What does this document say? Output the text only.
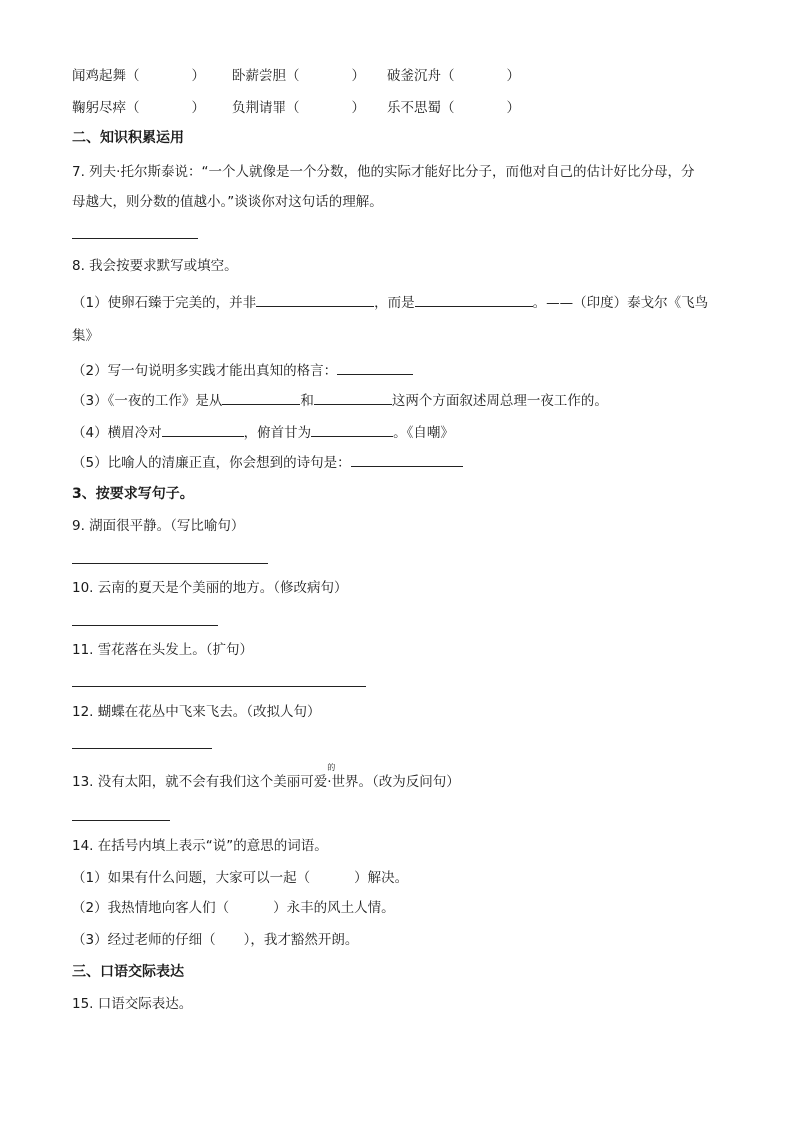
闻鸡起舞（	） 卧薪尝胆（	） 破釜沉舟（	）
鞠躬尽瘁（	） 负荆请罪（	） 乐不思蜀（	）
二、知识积累运用
7. 列夫·托尔斯泰说：“一个人就像是一个分数，他的实际才能好比分子，而他对自己的估计好比分母，分
母越大，则分数的值越小。”谈谈你对这句话的理解。
8. 我会按要求默写或填空。
（1）使卵石臻于完美的，并非	，而是	。——（印度）泰戈尔《飞鸟
集》
（2）写一句说明多实践才能出真知的格言：
（3）《一夜的工作》是从	和	这两个方面叙述周总理一夜工作的。
（4）横眉冷对	，俯首甘为	。《自嘲》
（5）比喻人的清廉正直，你会想到的诗句是：
3、按要求写句子。
9. 湖面很平静。（写比喻句）
10. 云南的夏天是个美丽的地方。（修改病句）
11. 雪花落在头发上。（扩句）
12. 蝴蝶在花丛中飞来飞去。（改拟人句）
13. 没有太阳，就不会有我们这个美丽可爱
的
·世界。（改为反问句）
14. 在括号内填上表示“说”的意思的词语。
（1）如果有什么问题，大家可以一起（	）解决。
（2）我热情地向客人们（	）永丰的风土人情。
（3）经过老师的仔细（ ），我才豁然开朗。
三、口语交际表达
15. 口语交际表达。
